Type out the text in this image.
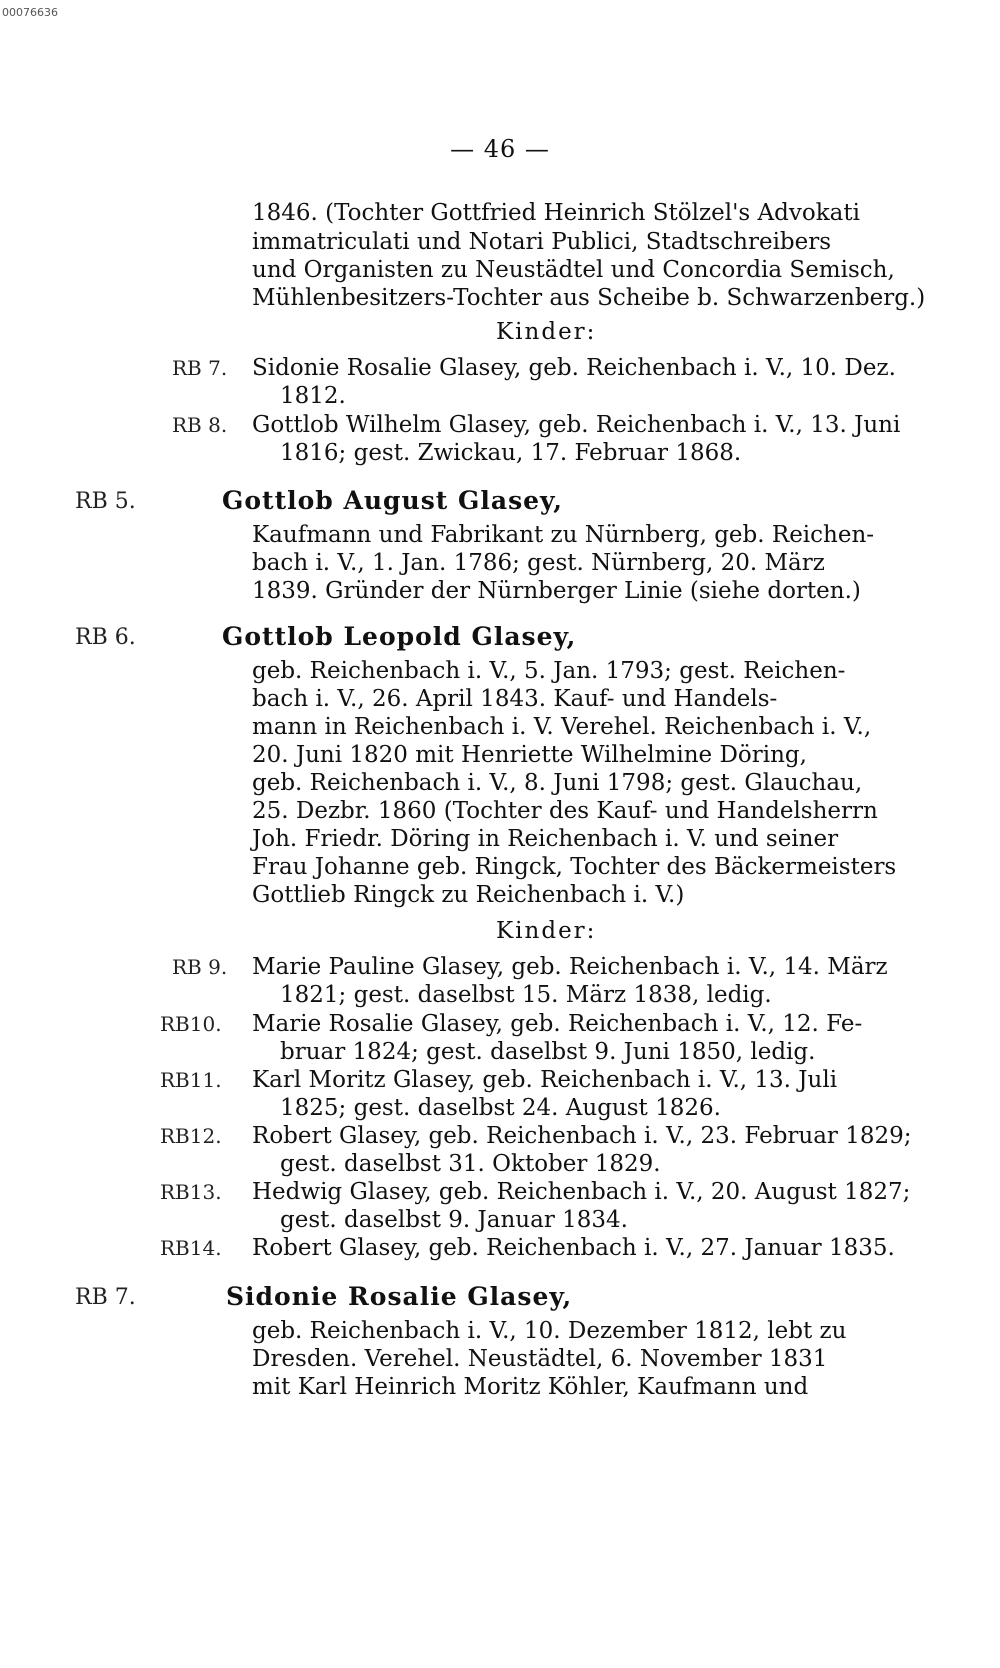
00076636
— 46 —
1846. (Tochter Gottfried Heinrich Stölzel's Advokati
immatriculati und Notari Publici, Stadtschreibers
und Organisten zu Neustädtel und Concordia Semisch,
Mühlenbesitzers-Tochter aus Scheibe b. Schwarzenberg.)
Kinder:
RB 7. Sidonie Rosalie Glasey, geb. Reichenbach i. V., 10. Dez.
1812.
RB 8. Gottlob Wilhelm Glasey, geb. Reichenbach i. V., 13. Juni
1816; gest. Zwickau, 17. Februar 1868.
RB 5.	Gottlob August Glasey,
Kaufmann und Fabrikant zu Nürnberg, geb. Reichen-
bach i. V., 1. Jan. 1786; gest. Nürnberg, 20. März
1839. Gründer der Nürnberger Linie (siehe dorten.)
RB 6.	Gottlob Leopold Glasey,
geb. Reichenbach i. V., 5. Jan. 1793; gest. Reichen-
bach i. V., 26. April 1843. Kauf- und Handels-
mann in Reichenbach i. V. Verehel. Reichenbach i. V.,
20. Juni 1820 mit Henriette Wilhelmine Döring,
geb. Reichenbach i. V., 8. Juni 1798; gest. Glauchau,
25. Dezbr. 1860 (Tochter des Kauf- und Handelsherrn
Joh. Friedr. Döring in Reichenbach i. V. und seiner
Frau Johanne geb. Ringck, Tochter des Bäckermeisters
Gottlieb Ringck zu Reichenbach i. V.)
Kinder:
RB 9. Marie Pauline Glasey, geb. Reichenbach i. V., 14. März
1821; gest. daselbst 15. März 1838, ledig.
RB10. Marie Rosalie Glasey, geb. Reichenbach i. V., 12. Fe-
bruar 1824; gest. daselbst 9. Juni 1850, ledig.
RB11. Karl Moritz Glasey, geb. Reichenbach i. V., 13. Juli
1825; gest. daselbst 24. August 1826.
RB12. Robert Glasey, geb. Reichenbach i. V., 23. Februar 1829;
gest. daselbst 31. Oktober 1829.
RB13. Hedwig Glasey, geb. Reichenbach i. V., 20. August 1827;
gest. daselbst 9. Januar 1834.
RB14. Robert Glasey, geb. Reichenbach i. V., 27. Januar 1835.
RB 7.	Sidonie Rosalie Glasey,
geb. Reichenbach i. V., 10. Dezember 1812, lebt zu
Dresden. Verehel. Neustädtel, 6. November 1831
mit Karl Heinrich Moritz Köhler, Kaufmann und
